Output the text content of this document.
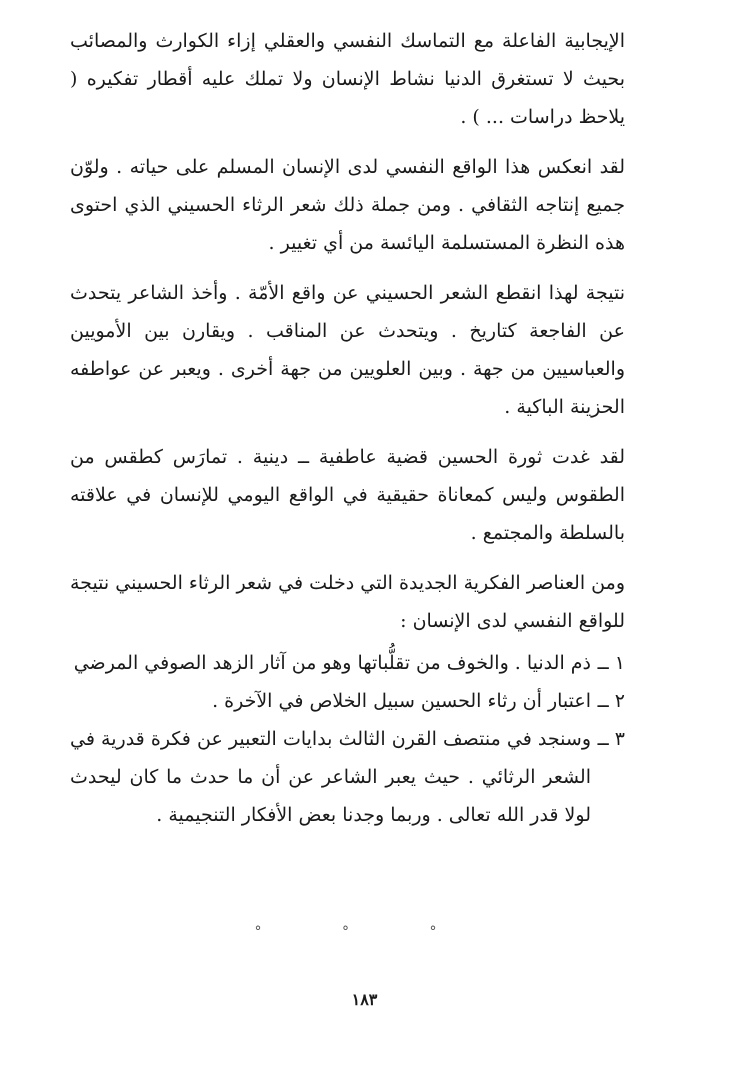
الإيجابية الفاعلة مع التماسك النفسي والعقلي إزاء الكوارث والمصائب بحيث لا تستغرق الدنيا نشاط الإنسان ولا تملك عليه أقطار تفكيره ( يلاحظ دراسات ... ) .

لقد انعكس هذا الواقع النفسي لدى الإنسان المسلم على حياته . ولوّن جميع إنتاجه الثقافي . ومن جملة ذلك شعر الرثاء الحسيني الذي احتوى هذه النظرة المستسلمة اليائسة من أي تغيير .

نتيجة لهذا انقطع الشعر الحسيني عن واقع الأمّة . وأخذ الشاعر يتحدث عن الفاجعة كتاريخ . ويتحدث عن المناقب . ويقارن بين الأمويين والعباسيين من جهة . وبين العلويين من جهة أخرى . ويعبر عن عواطفه الحزينة الباكية .

لقد غدت ثورة الحسين قضية عاطفية ــ دينية . تمارَس كطقس من الطقوس وليس كمعاناة حقيقية في الواقع اليومي للإنسان في علاقته بالسلطة والمجتمع .

ومن العناصر الفكرية الجديدة التي دخلت في شعر الرثاء الحسيني نتيجة للواقع النفسي لدى الإنسان :

١ ــ
ذم الدنيا . والخوف من تقلُّباتها وهو من آثار الزهد الصوفي المرضي
٢ ــ
اعتبار أن رثاء الحسين سبيل الخلاص في الآخرة .
٣ ــ
وسنجد في منتصف القرن الثالث بدايات التعبير عن فكرة قدرية في الشعر الرثائي . حيث يعبر الشاعر عن أن ما حدث ما كان ليحدث لولا قدر الله تعالى . وربما وجدنا بعض الأفكار التنجيمية .
° ° °
١٨٣
